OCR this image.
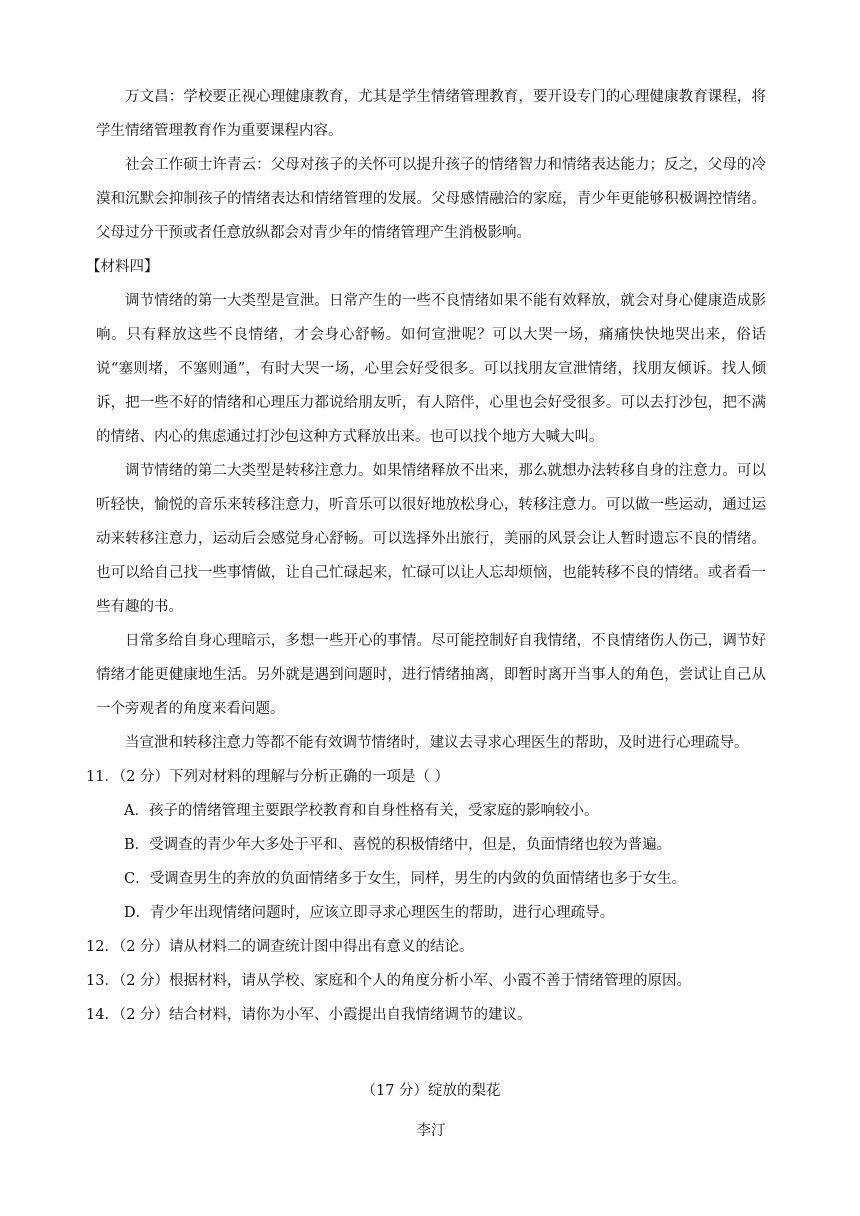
万文昌：学校要正视心理健康教育，尤其是学生情绪管理教育，要开设专门的心理健康教育课程，将学生情绪管理教育作为重要课程内容。

社会工作硕士许青云：父母对孩子的关怀可以提升孩子的情绪智力和情绪表达能力；反之，父母的冷漠和沉默会抑制孩子的情绪表达和情绪管理的发展。父母感情融洽的家庭，青少年更能够积极调控情绪。父母过分干预或者任意放纵都会对青少年的情绪管理产生消极影响。

【材料四】

调节情绪的第一大类型是宣泄。日常产生的一些不良情绪如果不能有效释放，就会对身心健康造成影响。只有释放这些不良情绪，才会身心舒畅。如何宣泄呢？可以大哭一场，痛痛快快地哭出来，俗话说“塞则堵，不塞则通”，有时大哭一场，心里会好受很多。可以找朋友宣泄情绪，找朋友倾诉。找人倾诉，把一些不好的情绪和心理压力都说给朋友听，有人陪伴，心里也会好受很多。可以去打沙包，把不满的情绪、内心的焦虑通过打沙包这种方式释放出来。也可以找个地方大喊大叫。

调节情绪的第二大类型是转移注意力。如果情绪释放不出来，那么就想办法转移自身的注意力。可以听轻快，愉悦的音乐来转移注意力，听音乐可以很好地放松身心，转移注意力。可以做一些运动，通过运动来转移注意力，运动后会感觉身心舒畅。可以选择外出旅行，美丽的风景会让人暂时遗忘不良的情绪。也可以给自己找一些事情做，让自己忙碌起来，忙碌可以让人忘却烦恼，也能转移不良的情绪。或者看一些有趣的书。

日常多给自身心理暗示，多想一些开心的事情。尽可能控制好自我情绪，不良情绪伤人伤己，调节好情绪才能更健康地生活。另外就是遇到问题时，进行情绪抽离，即暂时离开当事人的角色，尝试让自己从一个旁观者的角度来看问题。

当宣泄和转移注意力等都不能有效调节情绪时，建议去寻求心理医生的帮助，及时进行心理疏导。

11．（2 分）下列对材料的理解与分析正确的一项是（ ）

A．孩子的情绪管理主要跟学校教育和自身性格有关，受家庭的影响较小。

B．受调查的青少年大多处于平和、喜悦的积极情绪中，但是，负面情绪也较为普遍。

C．受调查男生的奔放的负面情绪多于女生，同样，男生的内敛的负面情绪也多于女生。

D．青少年出现情绪问题时，应该立即寻求心理医生的帮助，进行心理疏导。

12．（2 分）请从材料二的调查统计图中得出有意义的结论。

13．（2 分）根据材料，请从学校、家庭和个人的角度分析小军、小霞不善于情绪管理的原因。

14．（2 分）结合材料，请你为小军、小霞提出自我情绪调节的建议。

（17 分）绽放的梨花

李汀
